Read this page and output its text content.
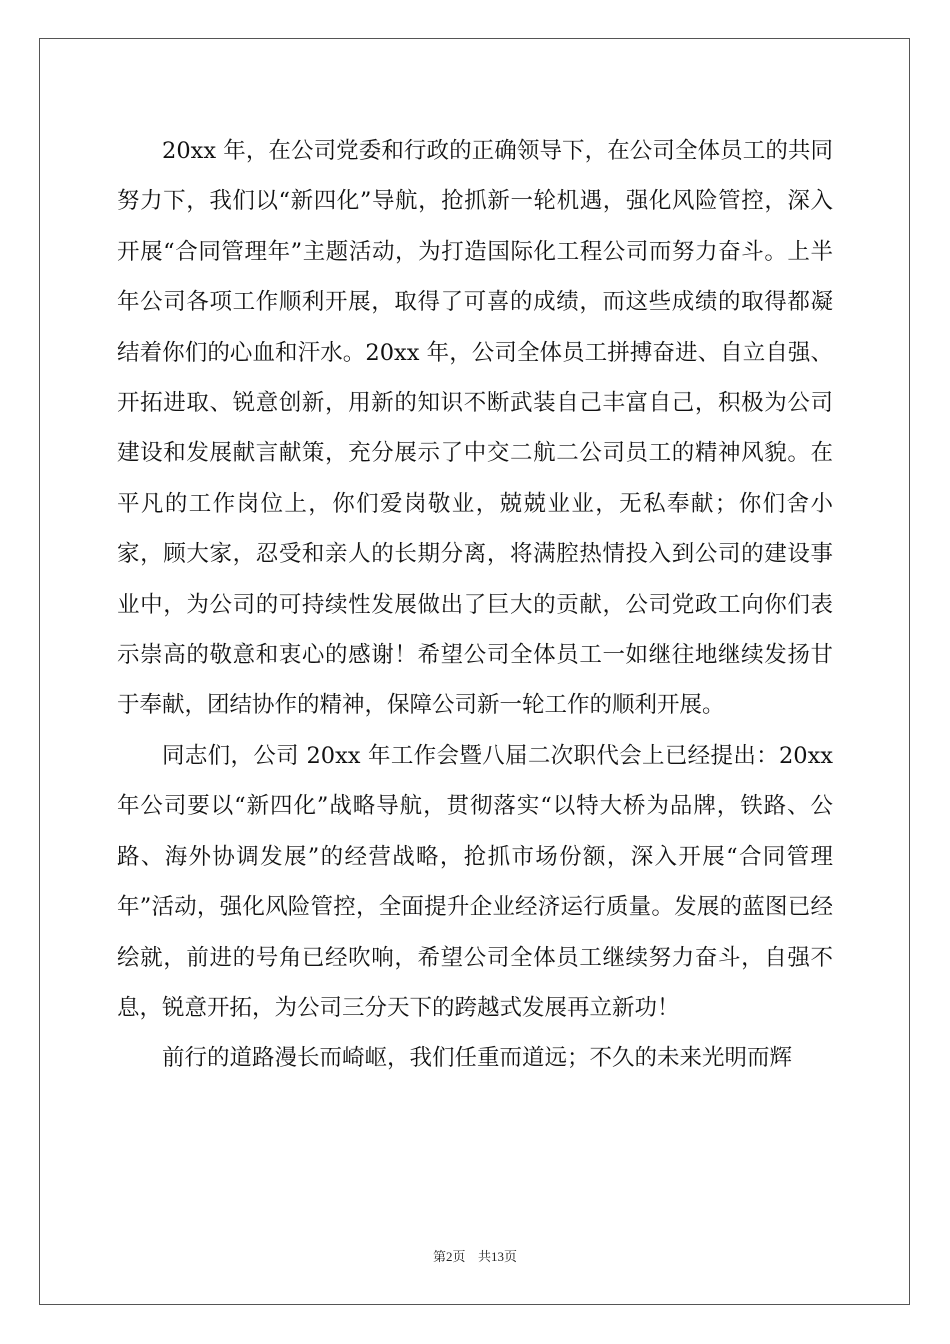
20xx 年，在公司党委和行政的正确领导下，在公司全体员工的共同努力下，我们以“新四化”导航，抢抓新一轮机遇，强化风险管控，深入开展“合同管理年”主题活动，为打造国际化工程公司而努力奋斗。上半年公司各项工作顺利开展，取得了可喜的成绩，而这些成绩的取得都凝结着你们的心血和汗水。20xx 年，公司全体员工拼搏奋进、自立自强、开拓进取、锐意创新，用新的知识不断武装自己丰富自己，积极为公司建设和发展献言献策，充分展示了中交二航二公司员工的精神风貌。在平凡的工作岗位上，你们爱岗敬业，兢兢业业，无私奉献；你们舍小家，顾大家，忍受和亲人的长期分离，将满腔热情投入到公司的建设事业中，为公司的可持续性发展做出了巨大的贡献，公司党政工向你们表示崇高的敬意和衷心的感谢！希望公司全体员工一如继往地继续发扬甘于奉献，团结协作的精神，保障公司新一轮工作的顺利开展。

同志们，公司 20xx 年工作会暨八届二次职代会上已经提出：20xx 年公司要以“新四化”战略导航，贯彻落实“以特大桥为品牌，铁路、公路、海外协调发展”的经营战略，抢抓市场份额，深入开展“合同管理年”活动，强化风险管控，全面提升企业经济运行质量。发展的蓝图已经绘就，前进的号角已经吹响，希望公司全体员工继续努力奋斗，自强不息，锐意开拓，为公司三分天下的跨越式发展再立新功！

前行的道路漫长而崎岖，我们任重而道远；不久的未来光明而辉

第2页 共13页
